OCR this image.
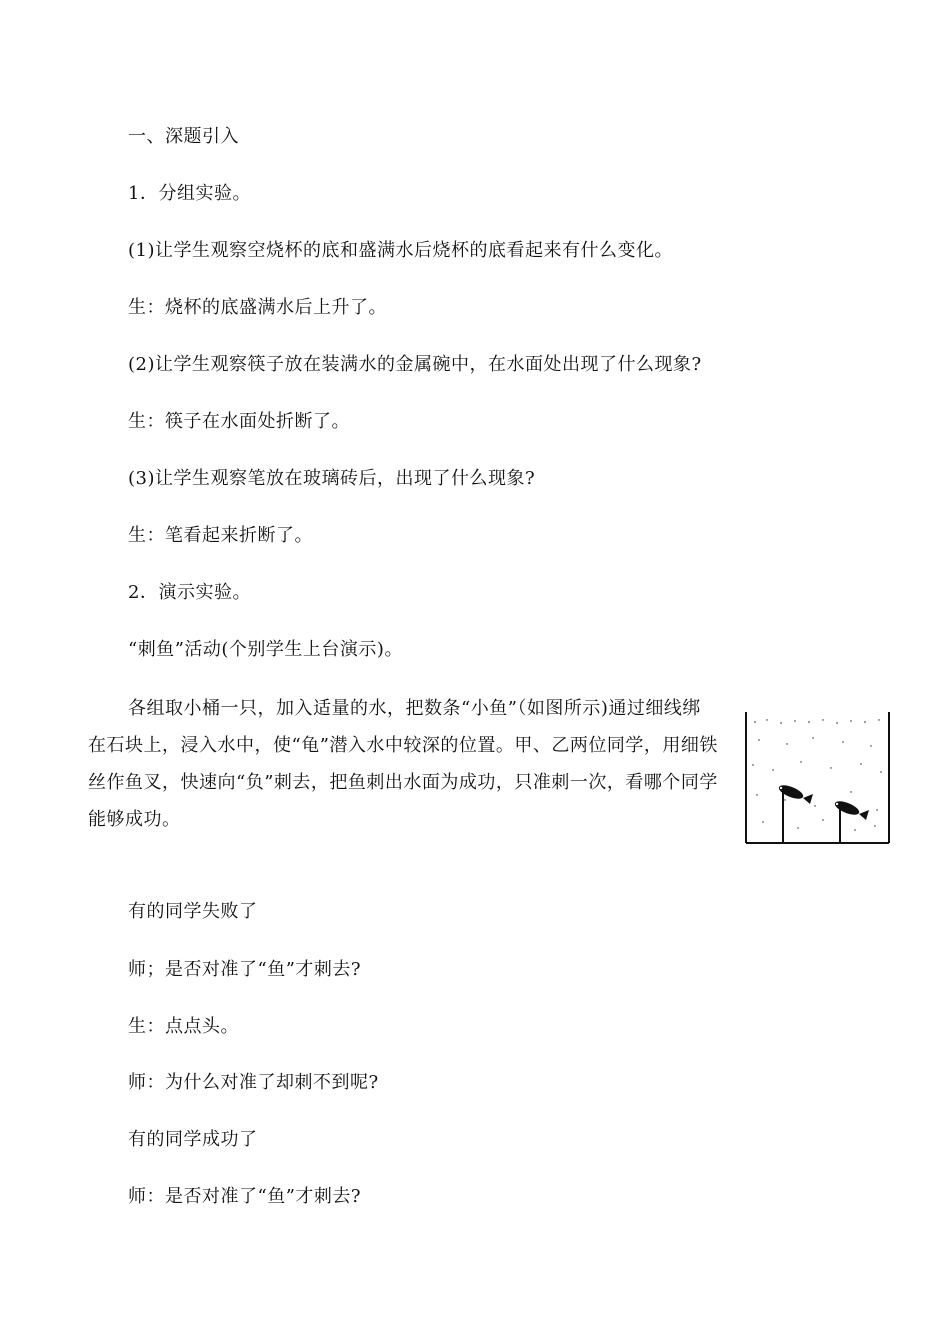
一、深题引入
1．分组实验。
(1)让学生观察空烧杯的底和盛满水后烧杯的底看起来有什么变化。
生：烧杯的底盛满水后上升了。
(2)让学生观察筷子放在装满水的金属碗中，在水面处出现了什么现象?
生：筷子在水面处折断了。
(3)让学生观察笔放在玻璃砖后，出现了什么现象?
生：笔看起来折断了。
2．演示实验。
“刺鱼”活动(个别学生上台演示)。
各组取小桶一只，加入适量的水，把数条“小鱼”（如图所示)通过细线绑在石块上，浸入水中，使“龟”潜入水中较深的位置。甲、乙两位同学，用细铁丝作鱼叉，快速向“负”刺去，把鱼刺出水面为成功，只准刺一次，看哪个同学能够成功。
有的同学失败了
师；是否对准了“鱼”才刺去?
生：点点头。
师：为什么对准了却刺不到呢?
有的同学成功了
师：是否对准了“鱼”才刺去?
